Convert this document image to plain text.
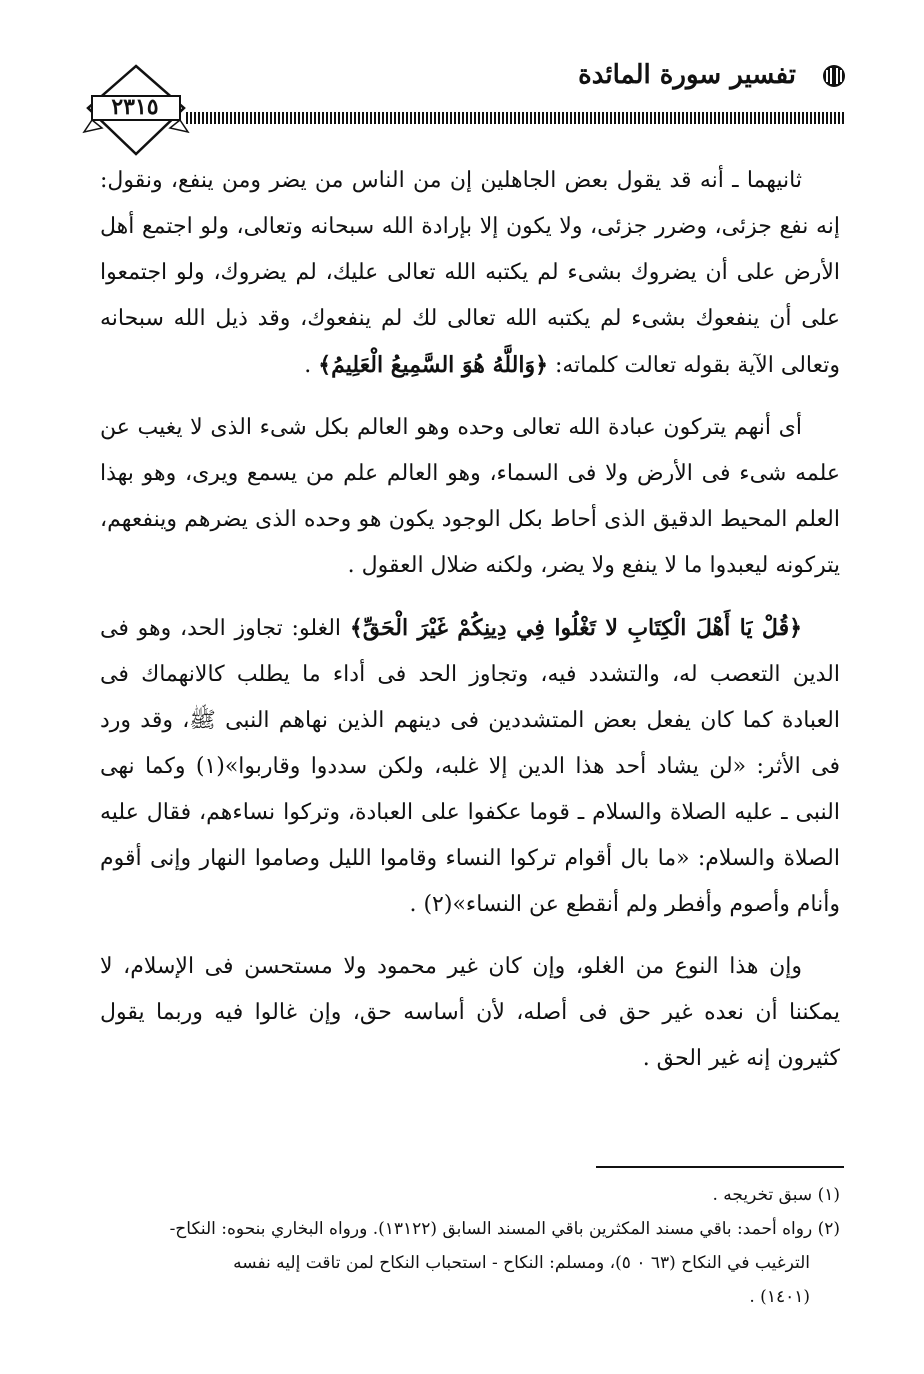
٢٣١٥
تفسير سورة المائدة

ثانيهما ـ أنه قد يقول بعض الجاهلين إن من الناس من يضر ومن ينفع، ونقول: إنه نفع جزئى، وضرر جزئى، ولا يكون إلا بإرادة الله سبحانه وتعالى، ولو اجتمع أهل الأرض على أن يضروك بشىء لم يكتبه الله تعالى عليك، لم يضروك، ولو اجتمعوا على أن ينفعوك بشىء لم يكتبه الله تعالى لك لم ينفعوك، وقد ذيل الله سبحانه وتعالى الآية بقوله تعالت كلماته: ﴿وَاللَّهُ هُوَ السَّمِيعُ الْعَلِيمُ﴾ .

أى أنهم يتركون عبادة الله تعالى وحده وهو العالم بكل شىء الذى لا يغيب عن علمه شىء فى الأرض ولا فى السماء، وهو العالم علم من يسمع ويرى، وهو بهذا العلم المحيط الدقيق الذى أحاط بكل الوجود يكون هو وحده الذى يضرهم وينفعهم، يتركونه ليعبدوا ما لا ينفع ولا يضر، ولكنه ضلال العقول .

﴿قُلْ يَا أَهْلَ الْكِتَابِ لا تَغْلُوا فِي دِينِكُمْ غَيْرَ الْحَقِّ﴾ الغلو: تجاوز الحد، وهو فى الدين التعصب له، والتشدد فيه، وتجاوز الحد فى أداء ما يطلب كالانهماك فى العبادة كما كان يفعل بعض المتشددين فى دينهم الذين نهاهم النبى ﷺ، وقد ورد فى الأثر: «لن يشاد أحد هذا الدين إلا غلبه، ولكن سددوا وقاربوا»(١) وكما نهى النبى ـ عليه الصلاة والسلام ـ قوما عكفوا على العبادة، وتركوا نساءهم، فقال عليه الصلاة والسلام: «ما بال أقوام تركوا النساء وقاموا الليل وصاموا النهار وإنى أقوم وأنام وأصوم وأفطر ولم أنقطع عن النساء»(٢) .

وإن هذا النوع من الغلو، وإن كان غير محمود ولا مستحسن فى الإسلام، لا يمكننا أن نعده غير حق فى أصله، لأن أساسه حق، وإن غالوا فيه وربما يقول كثيرون إنه غير الحق .

(١) سبق تخريجه .

(٢) رواه أحمد: باقي مسند المكثرين باقي المسند السابق (١٣١٢٢). ورواه البخاري بنحوه: النكاح-

الترغيب في النكاح (٦٣ ٠ ٥)، ومسلم: النكاح - استحباب النكاح لمن تاقت إليه نفسه

(١٤٠١) .
